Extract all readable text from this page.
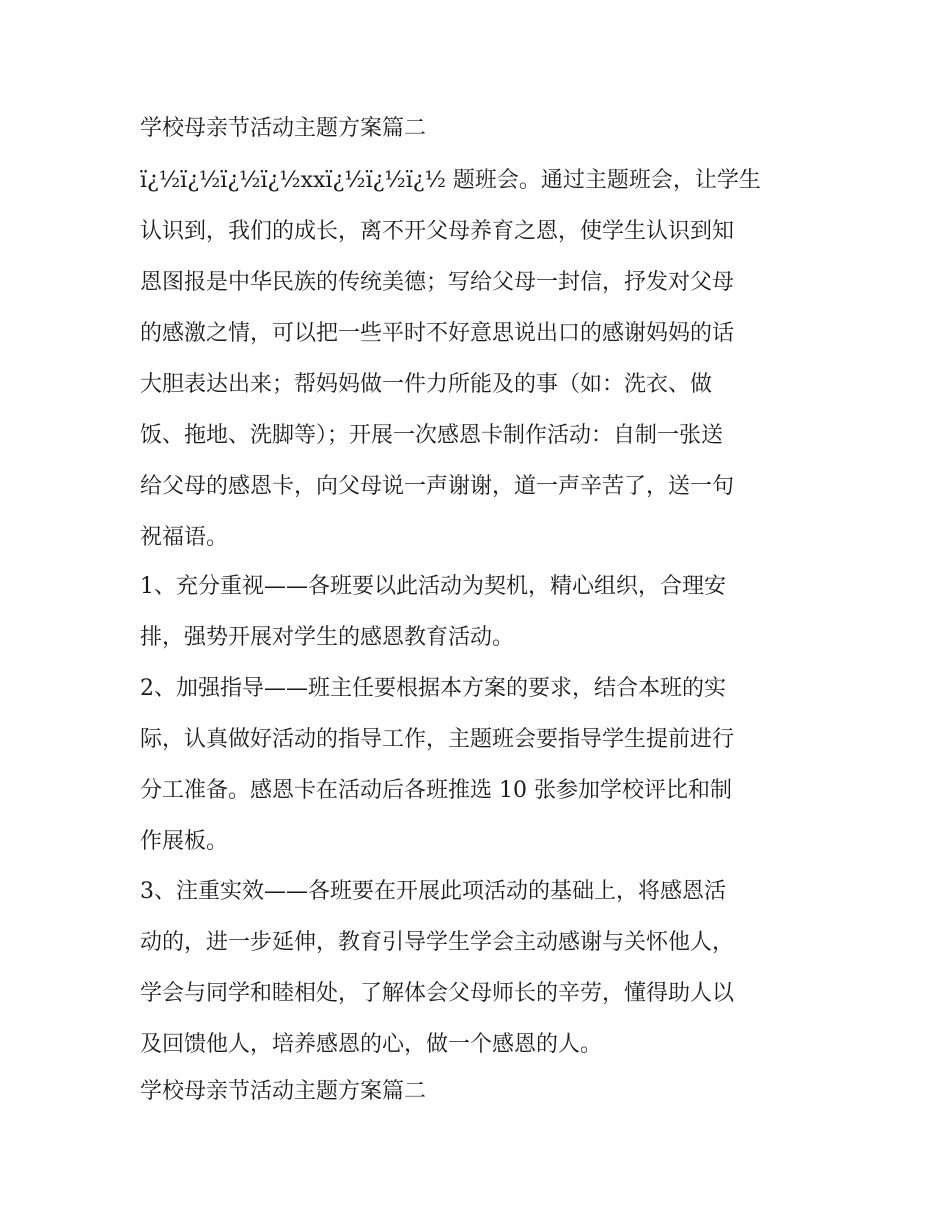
学校母亲节活动主题方案篇二
ï¿½ï¿½ï¿½ï¿½xxï¿½ï¿½ï¿½ 题班会。通过主题班会，让学生
认识到，我们的成长，离不开父母养育之恩，使学生认识到知
恩图报是中华民族的传统美德；写给父母一封信，抒发对父母
的感激之情，可以把一些平时不好意思说出口的感谢妈妈的话
大胆表达出来；帮妈妈做一件力所能及的事（如：洗衣、做
饭、拖地、洗脚等）；开展一次感恩卡制作活动：自制一张送
给父母的感恩卡，向父母说一声谢谢，道一声辛苦了，送一句
祝福语。
1、充分重视——各班要以此活动为契机，精心组织，合理安
排，强势开展对学生的感恩教育活动。
2、加强指导——班主任要根据本方案的要求，结合本班的实
际，认真做好活动的指导工作，主题班会要指导学生提前进行
分工准备。感恩卡在活动后各班推选 10 张参加学校评比和制
作展板。
3、注重实效——各班要在开展此项活动的基础上，将感恩活
动的，进一步延伸，教育引导学生学会主动感谢与关怀他人，
学会与同学和睦相处，了解体会父母师长的辛劳，懂得助人以
及回馈他人，培养感恩的心，做一个感恩的人。
学校母亲节活动主题方案篇二
